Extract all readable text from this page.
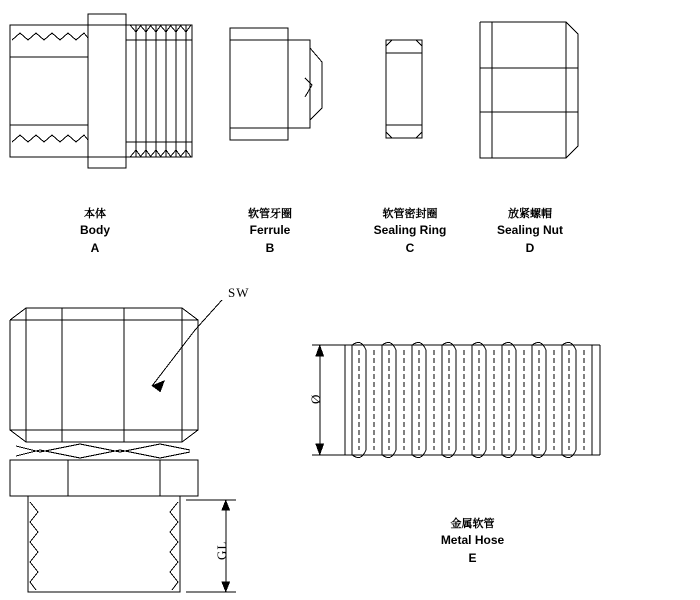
本体
Body
A
软管牙圈
Ferrule
B
软管密封圈
Sealing Ring
C
放紧螺帽
Sealing Nut
D
金属软管
Metal Hose
E
SW
GL
Ø
